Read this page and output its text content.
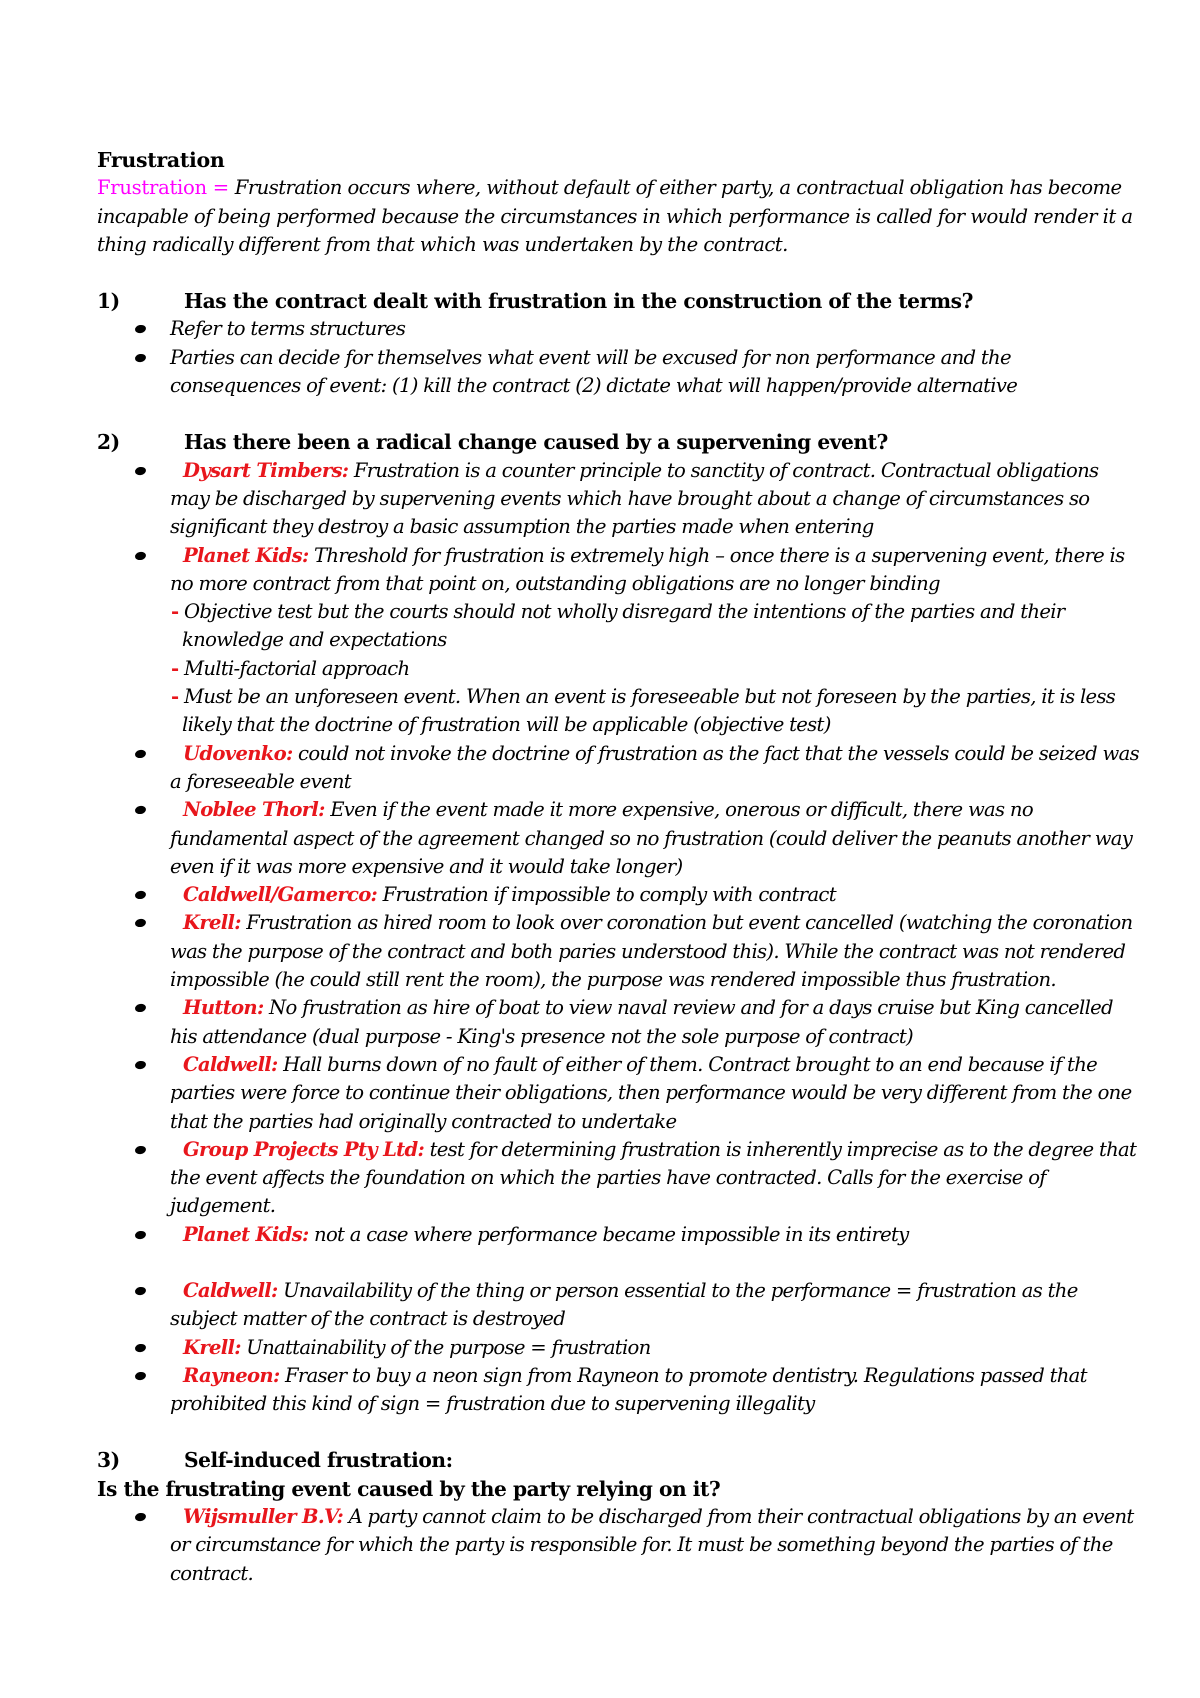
Frustration
Frustration = Frustration occurs where, without default of either party, a contractual obligation has become incapable of being performed because the circumstances in which performance is called for would render it a thing radically different from that which was undertaken by the contract.
1)	Has the contract dealt with frustration in the construction of the terms?
Refer to terms structures
Parties can decide for themselves what event will be excused for non performance and the consequences of event: (1) kill the contract (2) dictate what will happen/provide alternative
2)	Has there been a radical change caused by a supervening event?
Dysart Timbers: Frustration is a counter principle to sanctity of contract. Contractual obligations may be discharged by supervening events which have brought about a change of circumstances so significant they destroy a basic assumption the parties made when entering
Planet Kids: Threshold for frustration is extremely high – once there is a supervening event, there is no more contract from that point on, outstanding obligations are no longer binding
- Objective test but the courts should not wholly disregard the intentions of the parties and their knowledge and expectations
- Multi-factorial approach
- Must be an unforeseen event. When an event is foreseeable but not foreseen by the parties, it is less likely that the doctrine of frustration will be applicable (objective test)
Udovenko: could not invoke the doctrine of frustration as the fact that the vessels could be seized was a foreseeable event
Noblee Thorl: Even if the event made it more expensive, onerous or difficult, there was no fundamental aspect of the agreement changed so no frustration (could deliver the peanuts another way even if it was more expensive and it would take longer)
Caldwell/Gamerco: Frustration if impossible to comply with contract
Krell: Frustration as hired room to look over coronation but event cancelled (watching the coronation was the purpose of the contract and both paries understood this). While the contract was not rendered impossible (he could still rent the room), the purpose was rendered impossible thus frustration.
Hutton: No frustration as hire of boat to view naval review and for a days cruise but King cancelled his attendance (dual purpose - King's presence not the sole purpose of contract)
Caldwell: Hall burns down of no fault of either of them. Contract brought to an end because if the parties were force to continue their obligations, then performance would be very different from the one that the parties had originally contracted to undertake
Group Projects Pty Ltd: test for determining frustration is inherently imprecise as to the degree that the event affects the foundation on which the parties have contracted. Calls for the exercise of judgement.
Planet Kids: not a case where performance became impossible in its entirety
Caldwell: Unavailability of the thing or person essential to the performance = frustration as the subject matter of the contract is destroyed
Krell: Unattainability of the purpose = frustration
Rayneon: Fraser to buy a neon sign from Rayneon to promote dentistry. Regulations passed that prohibited this kind of sign = frustration due to supervening illegality
3)	Self-induced frustration:
Is the frustrating event caused by the party relying on it?
Wijsmuller B.V: A party cannot claim to be discharged from their contractual obligations by an event or circumstance for which the party is responsible for. It must be something beyond the parties of the contract.
